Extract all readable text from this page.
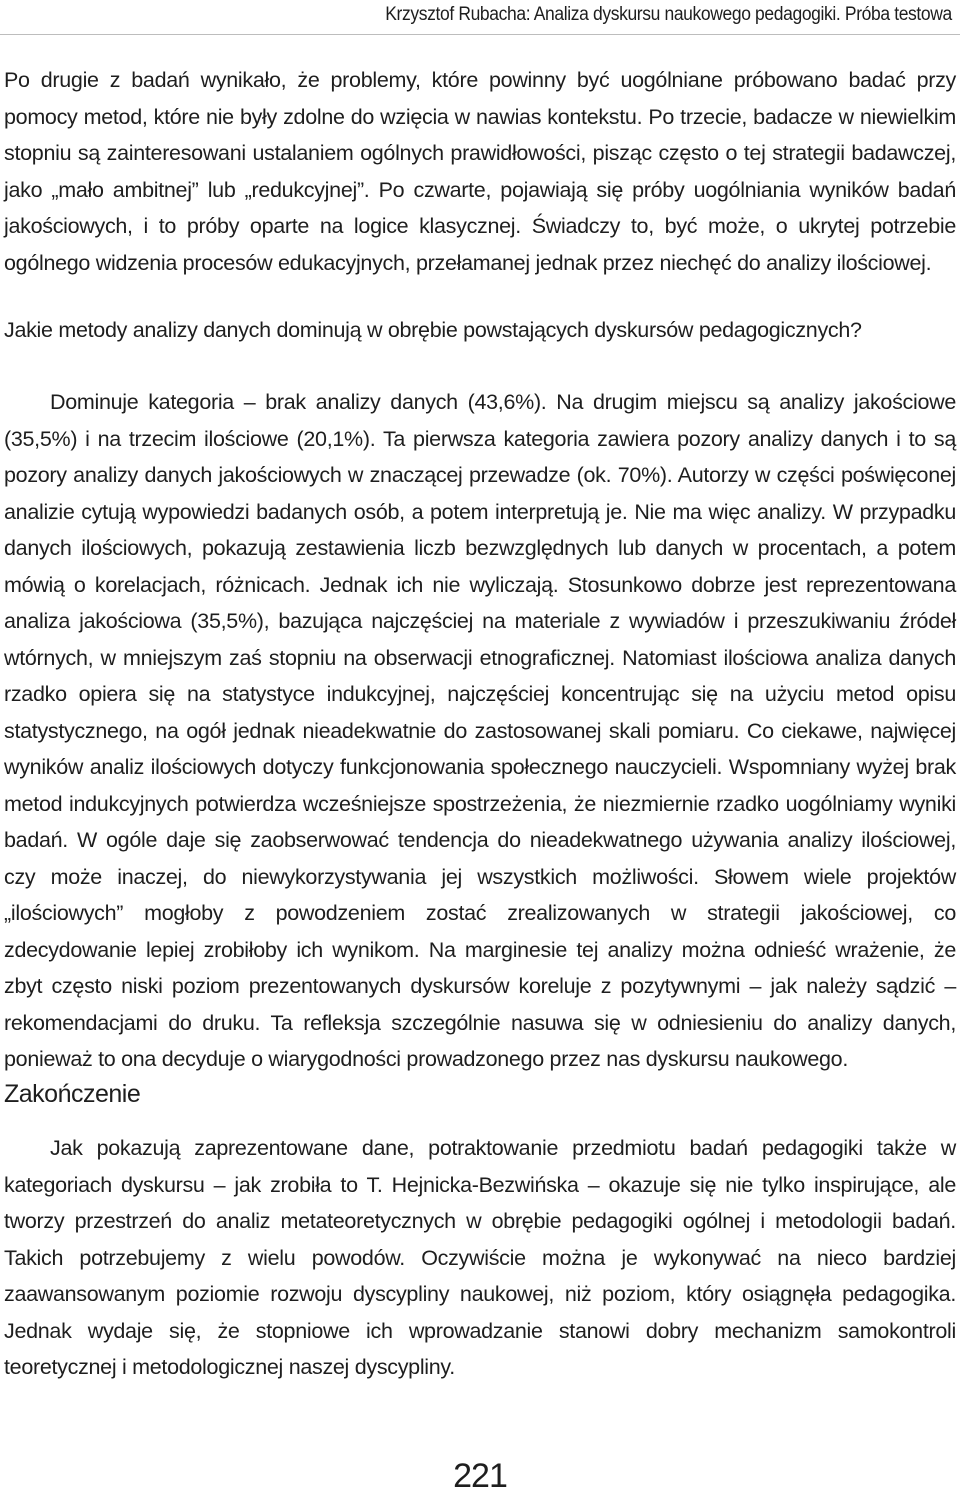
Krzysztof Rubacha: Analiza dyskursu naukowego pedagogiki. Próba testowa

Po drugie z badań wynikało, że problemy, które powinny być uogólniane próbowano badać przy pomocy metod, które nie były zdolne do wzięcia w nawias kontekstu. Po trzecie, badacze w niewielkim stopniu są zainteresowani ustalaniem ogólnych prawidłowości, pisząc często o tej strategii badawczej, jako „mało ambitnej” lub „redukcyjnej”. Po czwarte, pojawiają się próby uogólniania wyników badań jakościowych, i to próby oparte na logice klasycznej. Świadczy to, być może, o ukrytej potrzebie ogólnego widzenia procesów edukacyjnych, przełamanej jednak przez niechęć do analizy ilościowej.

Jakie metody analizy danych dominują w obrębie powstających dyskursów pedagogicznych?

Dominuje kategoria – brak analizy danych (43,6%). Na drugim miejscu są analizy jakościowe (35,5%) i na trzecim ilościowe (20,1%). Ta pierwsza kategoria zawiera pozory analizy danych i to są pozory analizy danych jakościowych w znaczącej przewadze (ok. 70%). Autorzy w części poświęconej analizie cytują wypowiedzi badanych osób, a potem interpretują je. Nie ma więc analizy. W przypadku danych ilościowych, pokazują zestawienia liczb bezwzględnych lub danych w procentach, a potem mówią o korelacjach, różnicach. Jednak ich nie wyliczają. Stosunkowo dobrze jest reprezentowana analiza jakościowa (35,5%), bazująca najczęściej na materiale z wywiadów i przeszukiwaniu źródeł wtórnych, w mniejszym zaś stopniu na obserwacji etnograficznej. Natomiast ilościowa analiza danych rzadko opiera się na statystyce indukcyjnej, najczęściej koncentrując się na użyciu metod opisu statystycznego, na ogół jednak nieadekwatnie do zastosowanej skali pomiaru. Co ciekawe, najwięcej wyników analiz ilościowych dotyczy funkcjonowania społecznego nauczycieli. Wspomniany wyżej brak metod indukcyjnych potwierdza wcześniejsze spostrzeżenia, że niezmiernie rzadko uogólniamy wyniki badań. W ogóle daje się zaobserwować tendencja do nieadekwatnego używania analizy ilościowej, czy może inaczej, do niewykorzystywania jej wszystkich możliwości. Słowem wiele projektów „ilościowych” mogłoby z powodzeniem zostać zrealizowanych w strategii jakościowej, co zdecydowanie lepiej zrobiłoby ich wynikom. Na marginesie tej analizy można odnieść wrażenie, że zbyt często niski poziom prezentowanych dyskursów koreluje z pozytywnymi – jak należy sądzić – rekomendacjami do druku. Ta refleksja szczególnie nasuwa się w odniesieniu do analizy danych, ponieważ to ona decyduje o wiarygodności prowadzonego przez nas dyskursu naukowego.

Zakończenie

Jak pokazują zaprezentowane dane, potraktowanie przedmiotu badań pedagogiki także w kategoriach dyskursu – jak zrobiła to T. Hejnicka-Bezwińska – okazuje się nie tylko inspirujące, ale tworzy przestrzeń do analiz metateoretycznych w obrębie pedagogiki ogólnej i metodologii badań. Takich potrzebujemy z wielu powodów. Oczywiście można je wykonywać na nieco bardziej zaawansowanym poziomie rozwoju dyscypliny naukowej, niż poziom, który osiągnęła pedagogika. Jednak wydaje się, że stopniowe ich wprowadzanie stanowi dobry mechanizm samokontroli teoretycznej i metodologicznej naszej dyscypliny.

221
